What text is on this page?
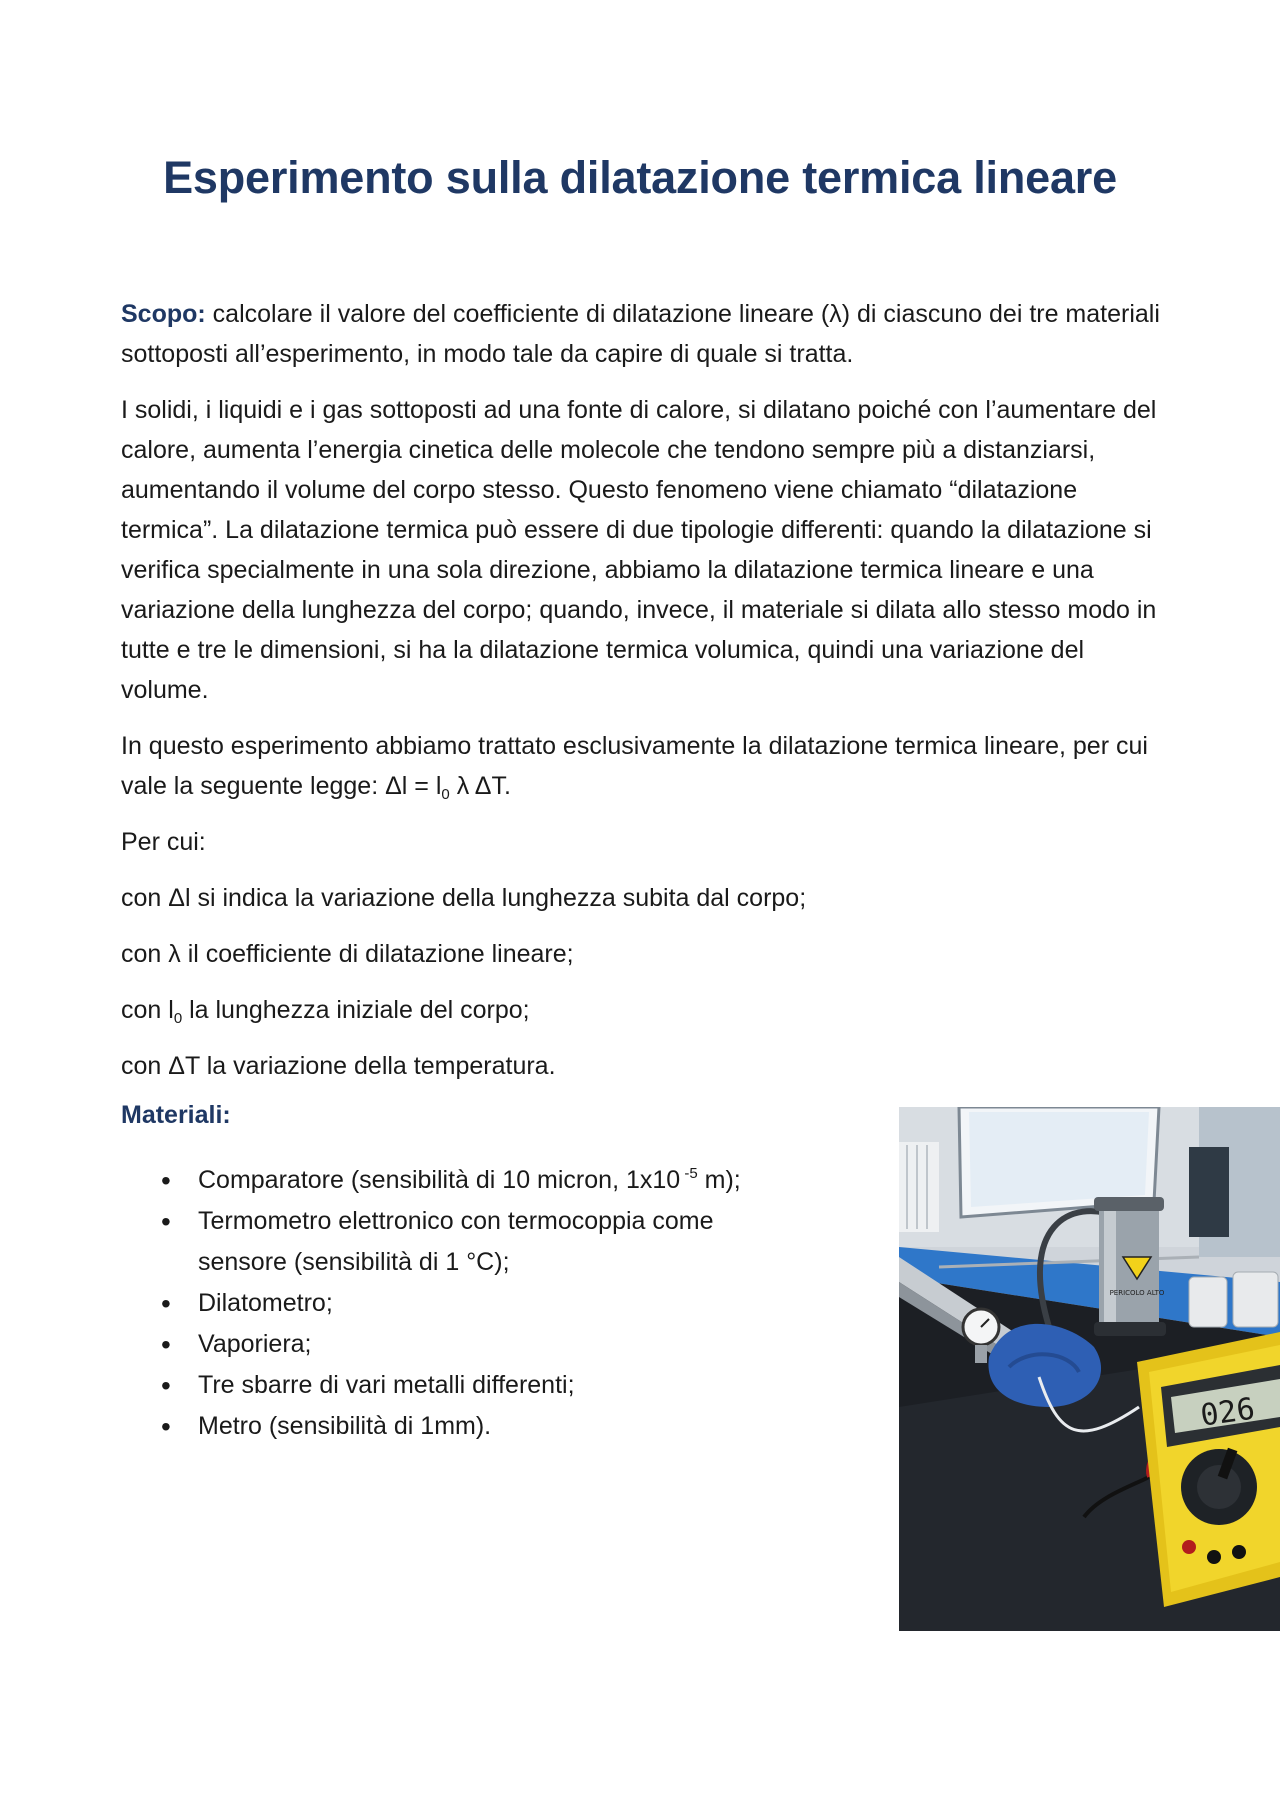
Esperimento sulla dilatazione termica lineare

Scopo: calcolare il valore del coefficiente di dilatazione lineare (λ) di ciascuno dei tre materiali sottoposti all’esperimento, in modo tale da capire di quale si tratta.

I solidi, i liquidi e i gas sottoposti ad una fonte di calore, si dilatano poiché con l’aumentare del calore, aumenta l’energia cinetica delle molecole che tendono sempre più a distanziarsi, aumentando il volume del corpo stesso. Questo fenomeno viene chiamato “dilatazione termica”. La dilatazione termica può essere di due tipologie differenti: quando la dilatazione si verifica specialmente in una sola direzione, abbiamo la dilatazione termica lineare e una variazione della lunghezza del corpo; quando, invece, il materiale si dilata allo stesso modo in tutte e tre le dimensioni, si ha la dilatazione termica volumica, quindi una variazione del volume.

In questo esperimento abbiamo trattato esclusivamente la dilatazione termica lineare, per cui vale la seguente legge: $\Delta l = l_0$ λ ΔT.

Per cui:

con Δl si indica la variazione della lunghezza subita dal corpo;

con λ il coefficiente di dilatazione lineare;

con $l_0$ la lunghezza iniziale del corpo;

con ΔT la variazione della temperatura.

Materiali:
• Comparatore (sensibilità di 10 micron, 1x10 $^{-5}$ m);
• Termometro elettronico con termocoppia come sensore (sensibilità di 1 °C);
• Dilatometro;
• Vaporiera;
• Tre sbarre di vari metalli differenti;
• Metro (sensibilità di 1mm).
PERICOLO ALTO
026
